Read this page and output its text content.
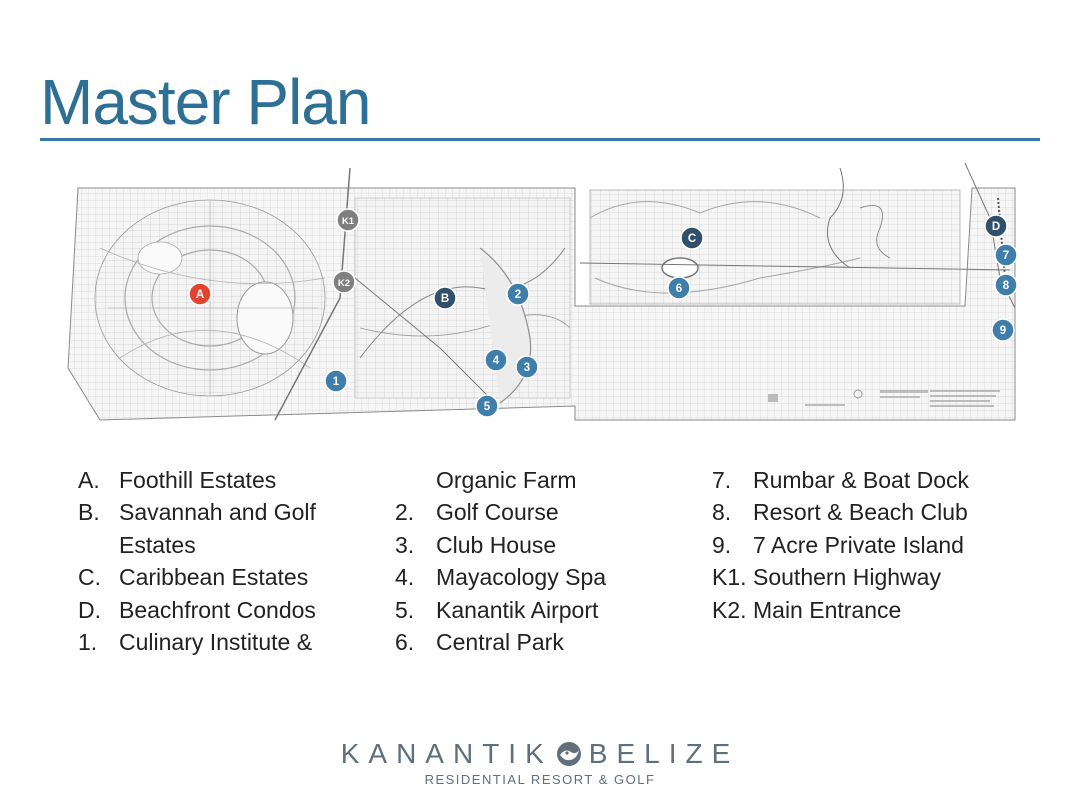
Master Plan
A	B
C
D
K1
K2
1
2
3
4
5
6
7
8
9
A. Foothill Estates
B. Savannah and Golf
Estates
C. Caribbean Estates
D. Beachfront Condos
1. Culinary Institute &
Organic Farm
2. Golf Course
3. Club House
4. Mayacology Spa
5. Kanantik Airport
6. Central Park
7. Rumbar & Boat Dock
8. Resort & Beach Club
9. 7 Acre Private Island
K1. Southern Highway
K2. Main Entrance
KANANTIK BELIZE
RESIDENTIAL RESORT & GOLF
